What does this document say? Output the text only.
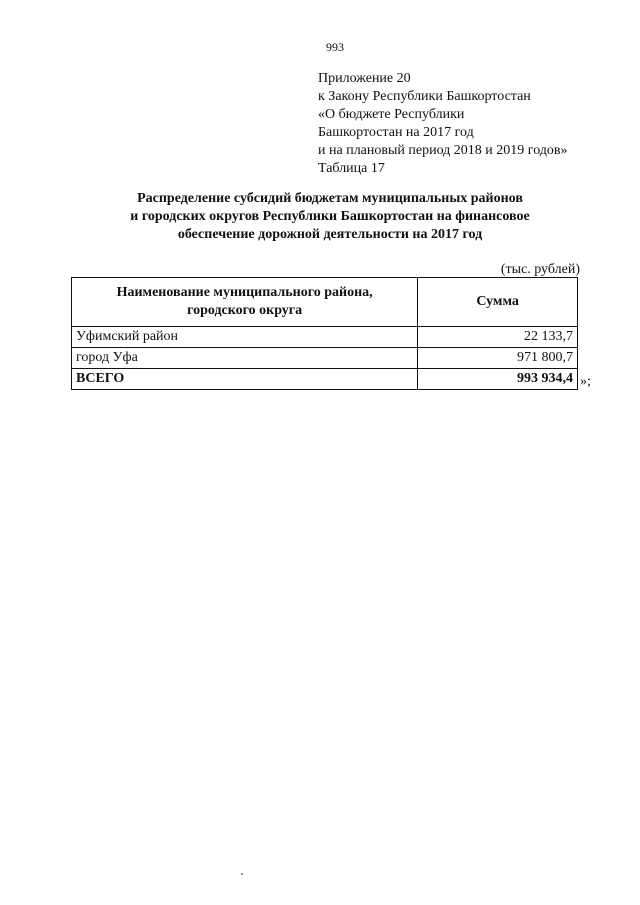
993
Приложение 20
к Закону Республики Башкортостан
«О бюджете Республики
Башкортостан на 2017 год
и на плановый период 2018 и 2019 годов»
Таблица 17
Распределение субсидий бюджетам муниципальных районов
и городских округов Республики Башкортостан на финансовое
обеспечение дорожной деятельности на 2017 год
(тыс. рублей)
Наименование муниципального района,
городского округа	Сумма
Уфимский район	22 133,7
город Уфа	971 800,7
ВСЕГО	993 934,4 »;
